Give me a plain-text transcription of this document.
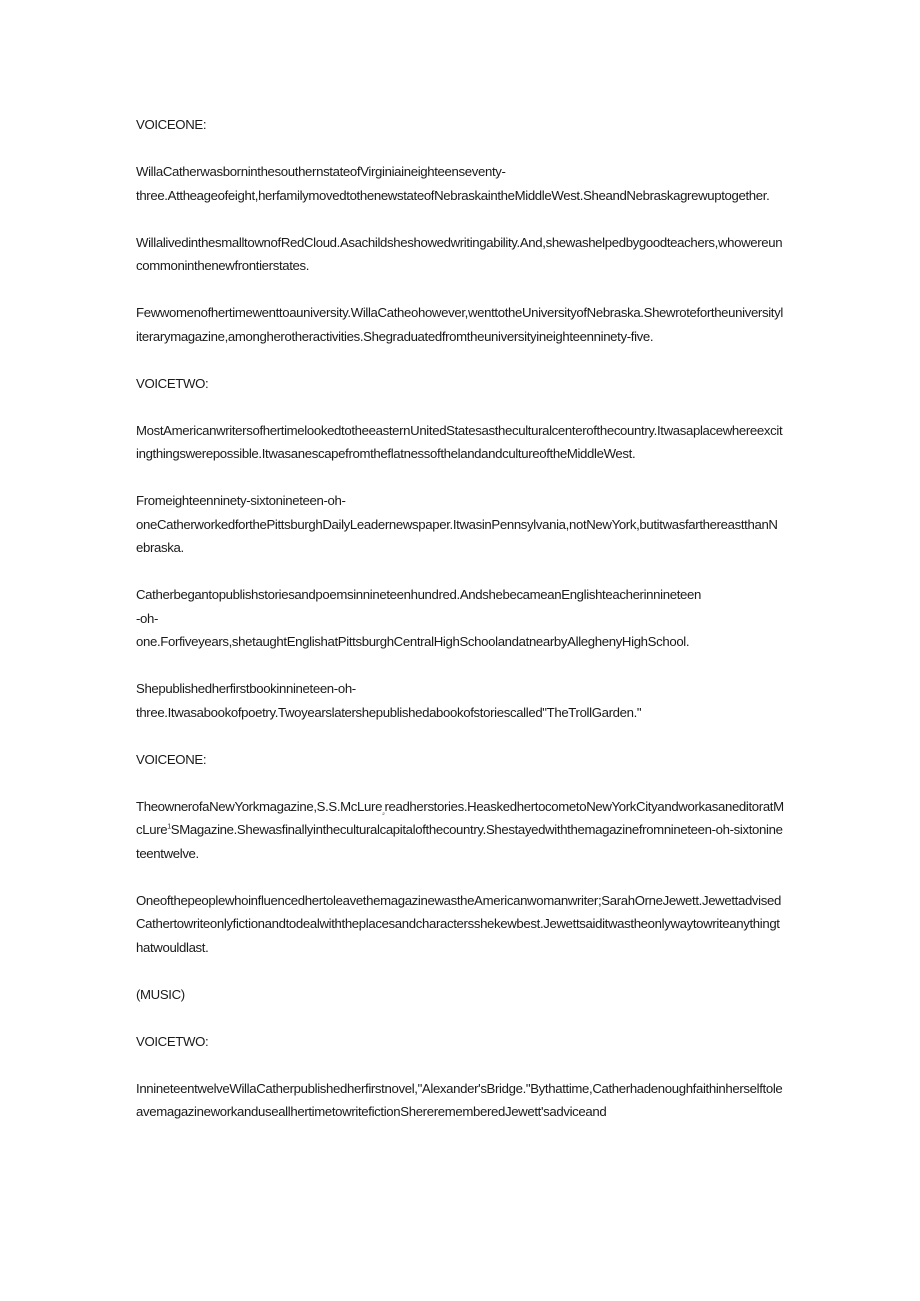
VOICEONE:

WillaCatherwasborninthesouthernstateofVirginiaineighteenseventy-
three.Attheageofeight,herfamilymovedtothenewstateofNebraskaintheMiddleWest.SheandNebraskagrewuptogether.

WillalivedinthesmalltownofRedCloud.Asachildsheshowedwritingability.And,shewashelpedbygoodteachers,whowereuncommoninthenewfrontierstates.

Fewwomenofhertimewenttoauniversity.WillaCatheohowever,wenttotheUniversityofNebraska.Shewrotefortheuniversityliterarymagazine,amongherotheractivities.Shegraduatedfromtheuniversityineighteenninety-five.

VOICETWO:

MostAmericanwritersofhertimelookedtotheeasternUnitedStatesastheculturalcenterofthecountry.Itwasaplacewhereexcitingthingswerepossible.ItwasanescapefromtheflatnessofthelandandcultureoftheMiddleWest.

Fromeighteenninety-sixtonineteen-oh-
oneCatherworkedforthePittsburghDailyLeadernewspaper.ItwasinPennsylvania,notNewYork,butitwasfarthereastthanNebraska.

Catherbegantopublishstoriesandpoemsinnineteenhundred.AndshebecameanEnglishteacherinnineteen
-oh-
one.Forfiveyears,shetaughtEnglishatPittsburghCentralHighSchoolandatnearbyAlleghenyHighSchool.

Shepublishedherfirstbookinnineteen-oh-
three.Itwasabookofpoetry.Twoyearslatershepublishedabookofstoriescalled"TheTrollGarden."

VOICEONE:

TheownerofaNewYorkmagazine,S.S.McLure$_{_2}$readherstories.HeaskedhertocometoNewYorkCityandworkasaneditoratMcLure$^1$SMagazine.Shewasfinallyintheculturalcapitalofthecountry.Shestayedwiththemagazinefromnineteen-oh-sixtonineteentwelve.

OneofthepeoplewhoinfluencedhertoleavethemagazinewastheAmericanwomanwriter;SarahOrneJewett.JewettadvisedCathertowriteonlyfictionandtodealwiththeplacesandcharactersshekewbest.Jewettsaiditwastheonlywaytowriteanythingthatwouldlast.

(MUSIC)

VOICETWO:

InnineteentwelveWillaCatherpublishedherfirstnovel,"Alexander'sBridge."Bythattime,CatherhadenoughfaithinherselftoleavemagazineworkanduseallhertimetowritefictionShererememberedJewett'sadviceand
